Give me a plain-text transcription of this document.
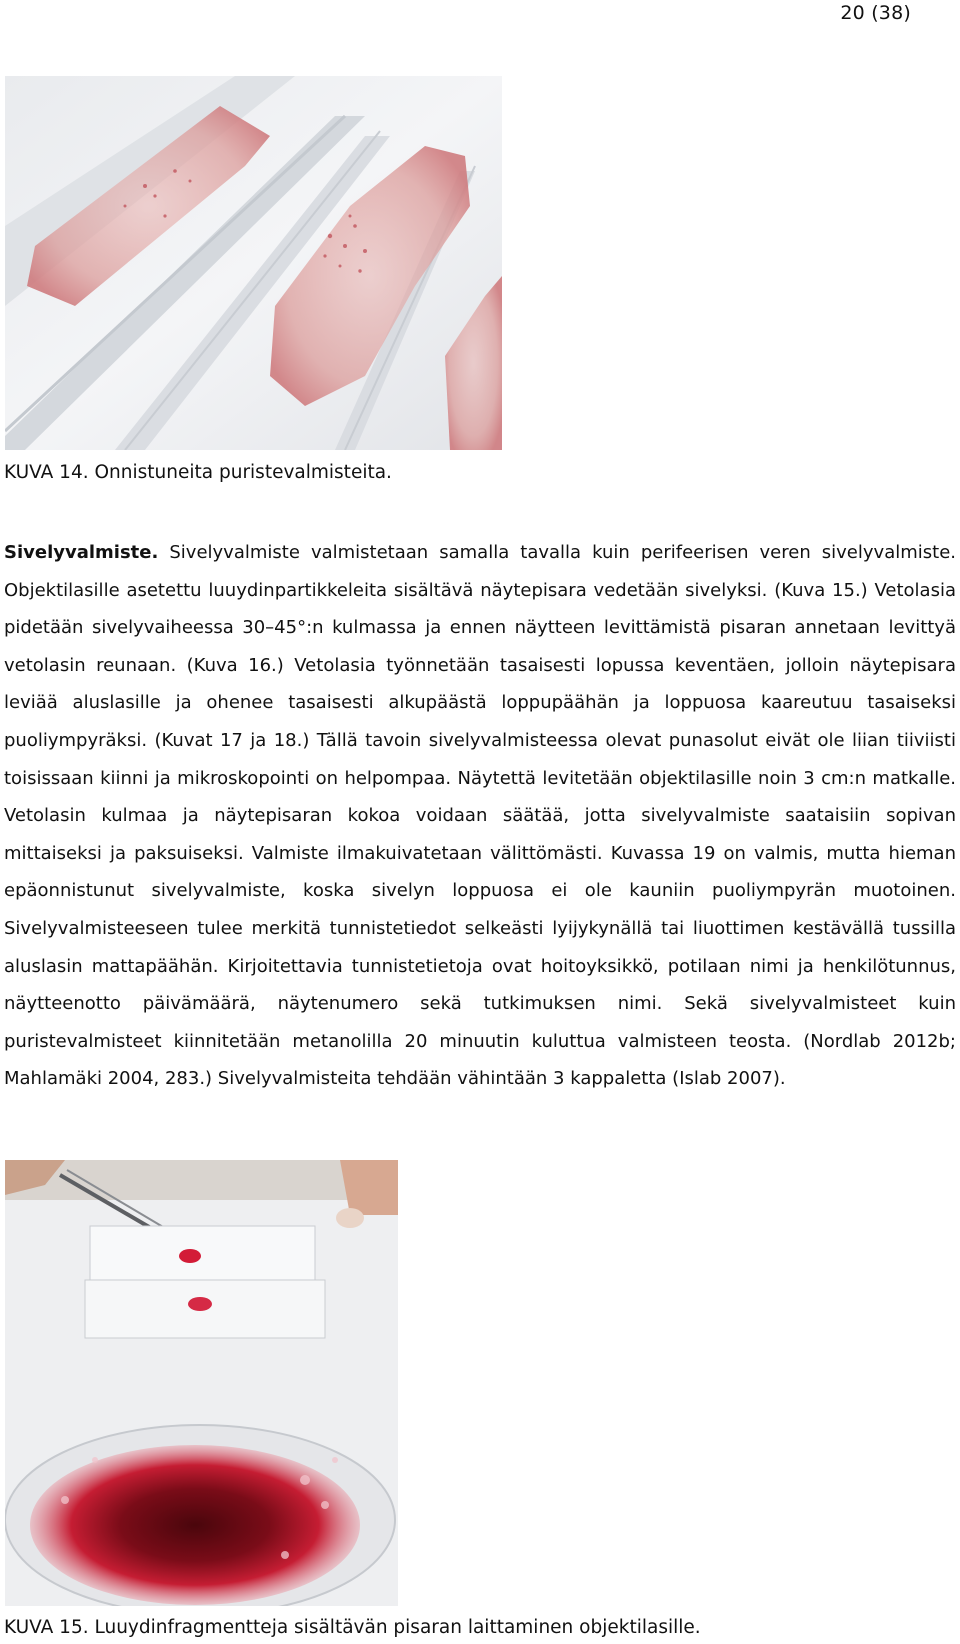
20 (38)

KUVA 14. Onnistuneita puristevalmisteita.

Sivelyvalmiste. Sivelyvalmiste valmistetaan samalla tavalla kuin perifeerisen veren sivelyvalmiste. Objektilasille asetettu luuydinpartikkeleita sisältävä näytepisara vedetään sivelyksi. (Kuva 15.) Vetolasia pidetään sivelyvaiheessa 30–45°:n kulmassa ja ennen näytteen levittämistä pisaran annetaan levittyä vetolasin reunaan. (Kuva 16.) Vetolasia työnnetään tasaisesti lopussa keventäen, jolloin näytepisara leviää aluslasille ja ohenee tasaisesti alkupäästä loppupäähän ja loppuosa kaareutuu tasaiseksi puoliympyräksi. (Kuvat 17 ja 18.) Tällä tavoin sivelyvalmisteessa olevat punasolut eivät ole liian tiiviisti toisissaan kiinni ja mikroskopointi on helpompaa. Näytettä levitetään objektilasille noin 3 cm:n matkalle. Vetolasin kulmaa ja näytepisaran kokoa voidaan säätää, jotta sivelyvalmiste saataisiin sopivan mittaiseksi ja paksuiseksi. Valmiste ilmakuivatetaan välittömästi. Kuvassa 19 on valmis, mutta hieman epäonnistunut sivelyvalmiste, koska sivelyn loppuosa ei ole kauniin puoliympyrän muotoinen. Sivelyvalmisteeseen tulee merkitä tunnistetiedot selkeästi lyijykynällä tai liuottimen kestävällä tussilla aluslasin mattapäähän. Kirjoitettavia tunnistetietoja ovat hoitoyksikkö, potilaan nimi ja henkilötunnus, näytteenotto päivämäärä, näytenumero sekä tutkimuksen nimi. Sekä sivelyvalmisteet kuin puristevalmisteet kiinnitetään metanolilla 20 minuutin kuluttua valmisteen teosta. (Nordlab 2012b; Mahlamäki 2004, 283.) Sivelyvalmisteita tehdään vähintään 3 kappaletta (Islab 2007).

KUVA 15. Luuydinfragmentteja sisältävän pisaran laittaminen objektilasille.
